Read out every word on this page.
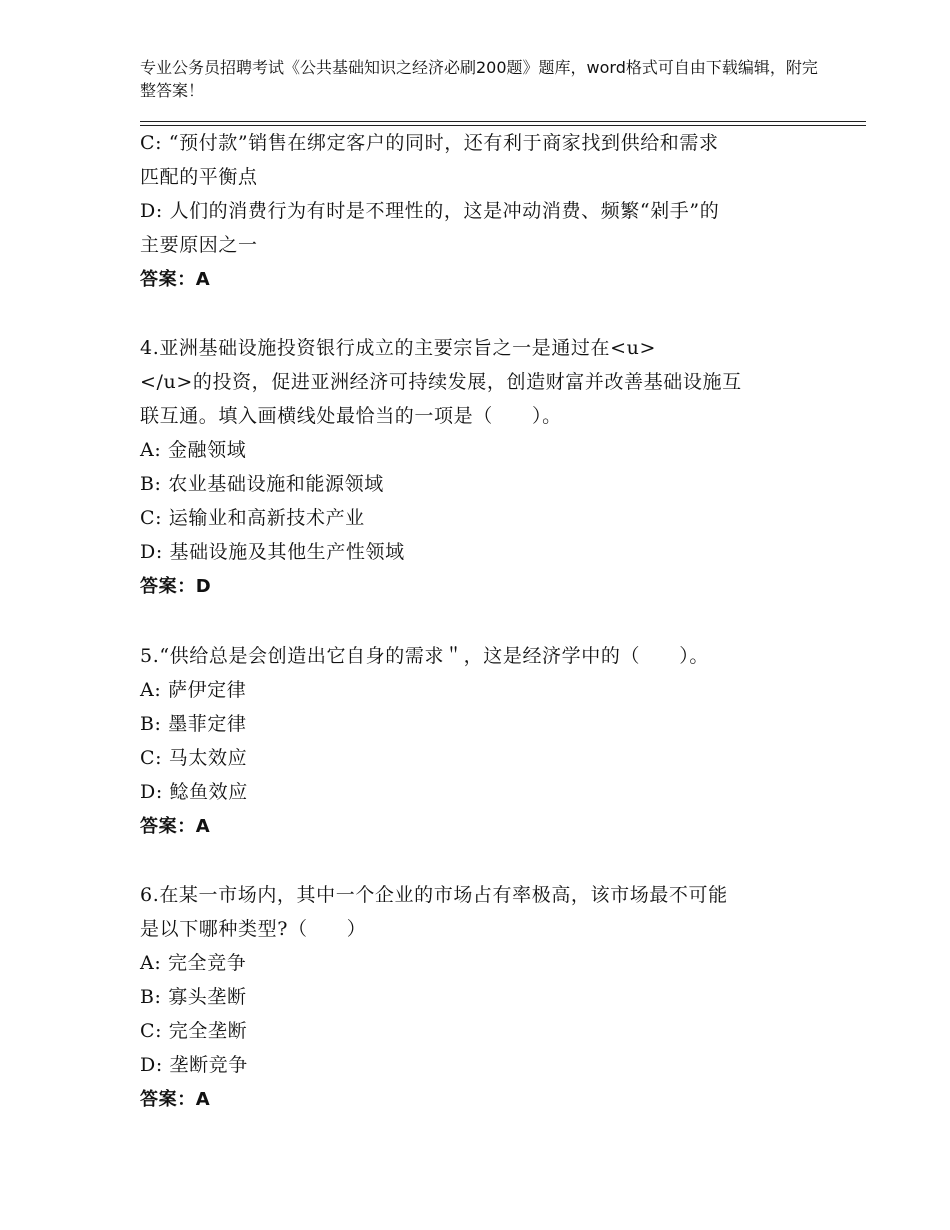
专业公务员招聘考试《公共基础知识之经济必刷200题》题库，word格式可自由下载编辑，附完整答案！
C: “预付款”销售在绑定客户的同时，还有利于商家找到供给和需求
匹配的平衡点
D: 人们的消费行为有时是不理性的，这是冲动消费、频繁“剁手”的
主要原因之一
答案：A
4.亚洲基础设施投资银行成立的主要宗旨之一是通过在<u>
</u>的投资，促进亚洲经济可持续发展，创造财富并改善基础设施互
联互通。填入画横线处最恰当的一项是（　　）。
A: 金融领域
B: 农业基础设施和能源领域
C: 运输业和高新技术产业
D: 基础设施及其他生产性领域
答案：D
5.“供给总是会创造出它自身的需求＂，这是经济学中的（　　）。
A: 萨伊定律
B: 墨菲定律
C: 马太效应
D: 鲶鱼效应
答案：A
6.在某一市场内，其中一个企业的市场占有率极高，该市场最不可能
是以下哪种类型?（　　）
A: 完全竞争
B: 寡头垄断
C: 完全垄断
D: 垄断竞争
答案：A
